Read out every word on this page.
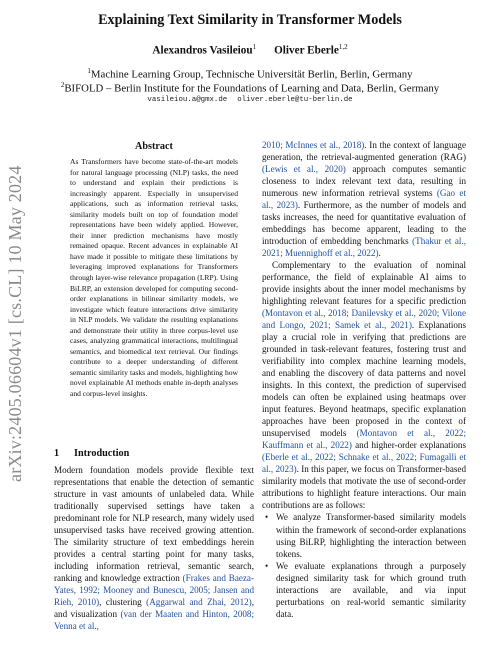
arXiv:2405.06604v1 [cs.CL] 10 May 2024
Explaining Text Similarity in Transformer Models
Alexandros Vasileiou$^1$ Oliver Eberle$^{1,2}$
$^1$Machine Learning Group, Technische Universität Berlin, Berlin, Germany
$^2$BIFOLD – Berlin Institute for the Foundations of Learning and Data, Berlin, Germany
vasileiou.a@gmx.de oliver.eberle@tu-berlin.de
Abstract
As Transformers have become state-of-the-art models for natural language processing (NLP) tasks, the need to understand and explain their predictions is increasingly apparent. Especially in unsupervised applications, such as information retrieval tasks, similarity models built on top of foundation model representations have been widely applied. However, their inner prediction mechanisms have mostly remained opaque. Recent advances in explainable AI have made it possible to mitigate these limitations by leveraging improved explanations for Transformers through layer-wise relevance propagation (LRP). Using BiLRP, an extension developed for computing second-order explanations in bilinear similarity models, we investigate which feature interactions drive similarity in NLP models. We validate the resulting explanations and demonstrate their utility in three corpus-level use cases, analyzing grammatical interactions, multilingual semantics, and biomedical text retrieval. Our findings contribute to a deeper understanding of different semantic similarity tasks and models, highlighting how novel explainable AI methods enable in-depth analyses and corpus-level insights.
1 Introduction

Modern foundation models provide flexible text representations that enable the detection of semantic structure in vast amounts of unlabeled data. While traditionally supervised settings have taken a predominant role for NLP research, many widely used unsupervised tasks have received growing attention. The similarity structure of text embeddings herein provides a central starting point for many tasks, including information retrieval, semantic search, ranking and knowledge extraction (Frakes and Baeza-Yates, 1992; Mooney and Bunescu, 2005; Jansen and Rieh, 2010), clustering (Aggarwal and Zhai, 2012), and visualization (van der Maaten and Hinton, 2008; Venna et al.,

2010; McInnes et al., 2018). In the context of language generation, the retrieval-augmented generation (RAG) (Lewis et al., 2020) approach computes semantic closeness to index relevant text data, resulting in numerous new information retrieval systems (Gao et al., 2023). Furthermore, as the number of models and tasks increases, the need for quantitative evaluation of embeddings has become apparent, leading to the introduction of embedding benchmarks (Thakur et al., 2021; Muennighoff et al., 2022).

Complementary to the evaluation of nominal performance, the field of explainable AI aims to provide insights about the inner model mechanisms by highlighting relevant features for a specific prediction (Montavon et al., 2018; Danilevsky et al., 2020; Vilone and Longo, 2021; Samek et al., 2021). Explanations play a crucial role in verifying that predictions are grounded in task-relevant features, fostering trust and verifiability into complex machine learning models, and enabling the discovery of data patterns and novel insights. In this context, the prediction of supervised models can often be explained using heatmaps over input features. Beyond heatmaps, specific explanation approaches have been proposed in the context of unsupervised models (Montavon et al., 2022; Kauffmann et al., 2022) and higher-order explanations (Eberle et al., 2022; Schnake et al., 2022; Fumagalli et al., 2023). In this paper, we focus on Transformer-based similarity models that motivate the use of second-order attributions to highlight feature interactions. Our main contributions are as follows:

• We analyze Transformer-based similarity models within the framework of second-order explanations using BiLRP, highlighting the interaction between tokens.
• We evaluate explanations through a purposely designed similarity task for which ground truth interactions are available, and via input perturbations on real-world semantic similarity data.
